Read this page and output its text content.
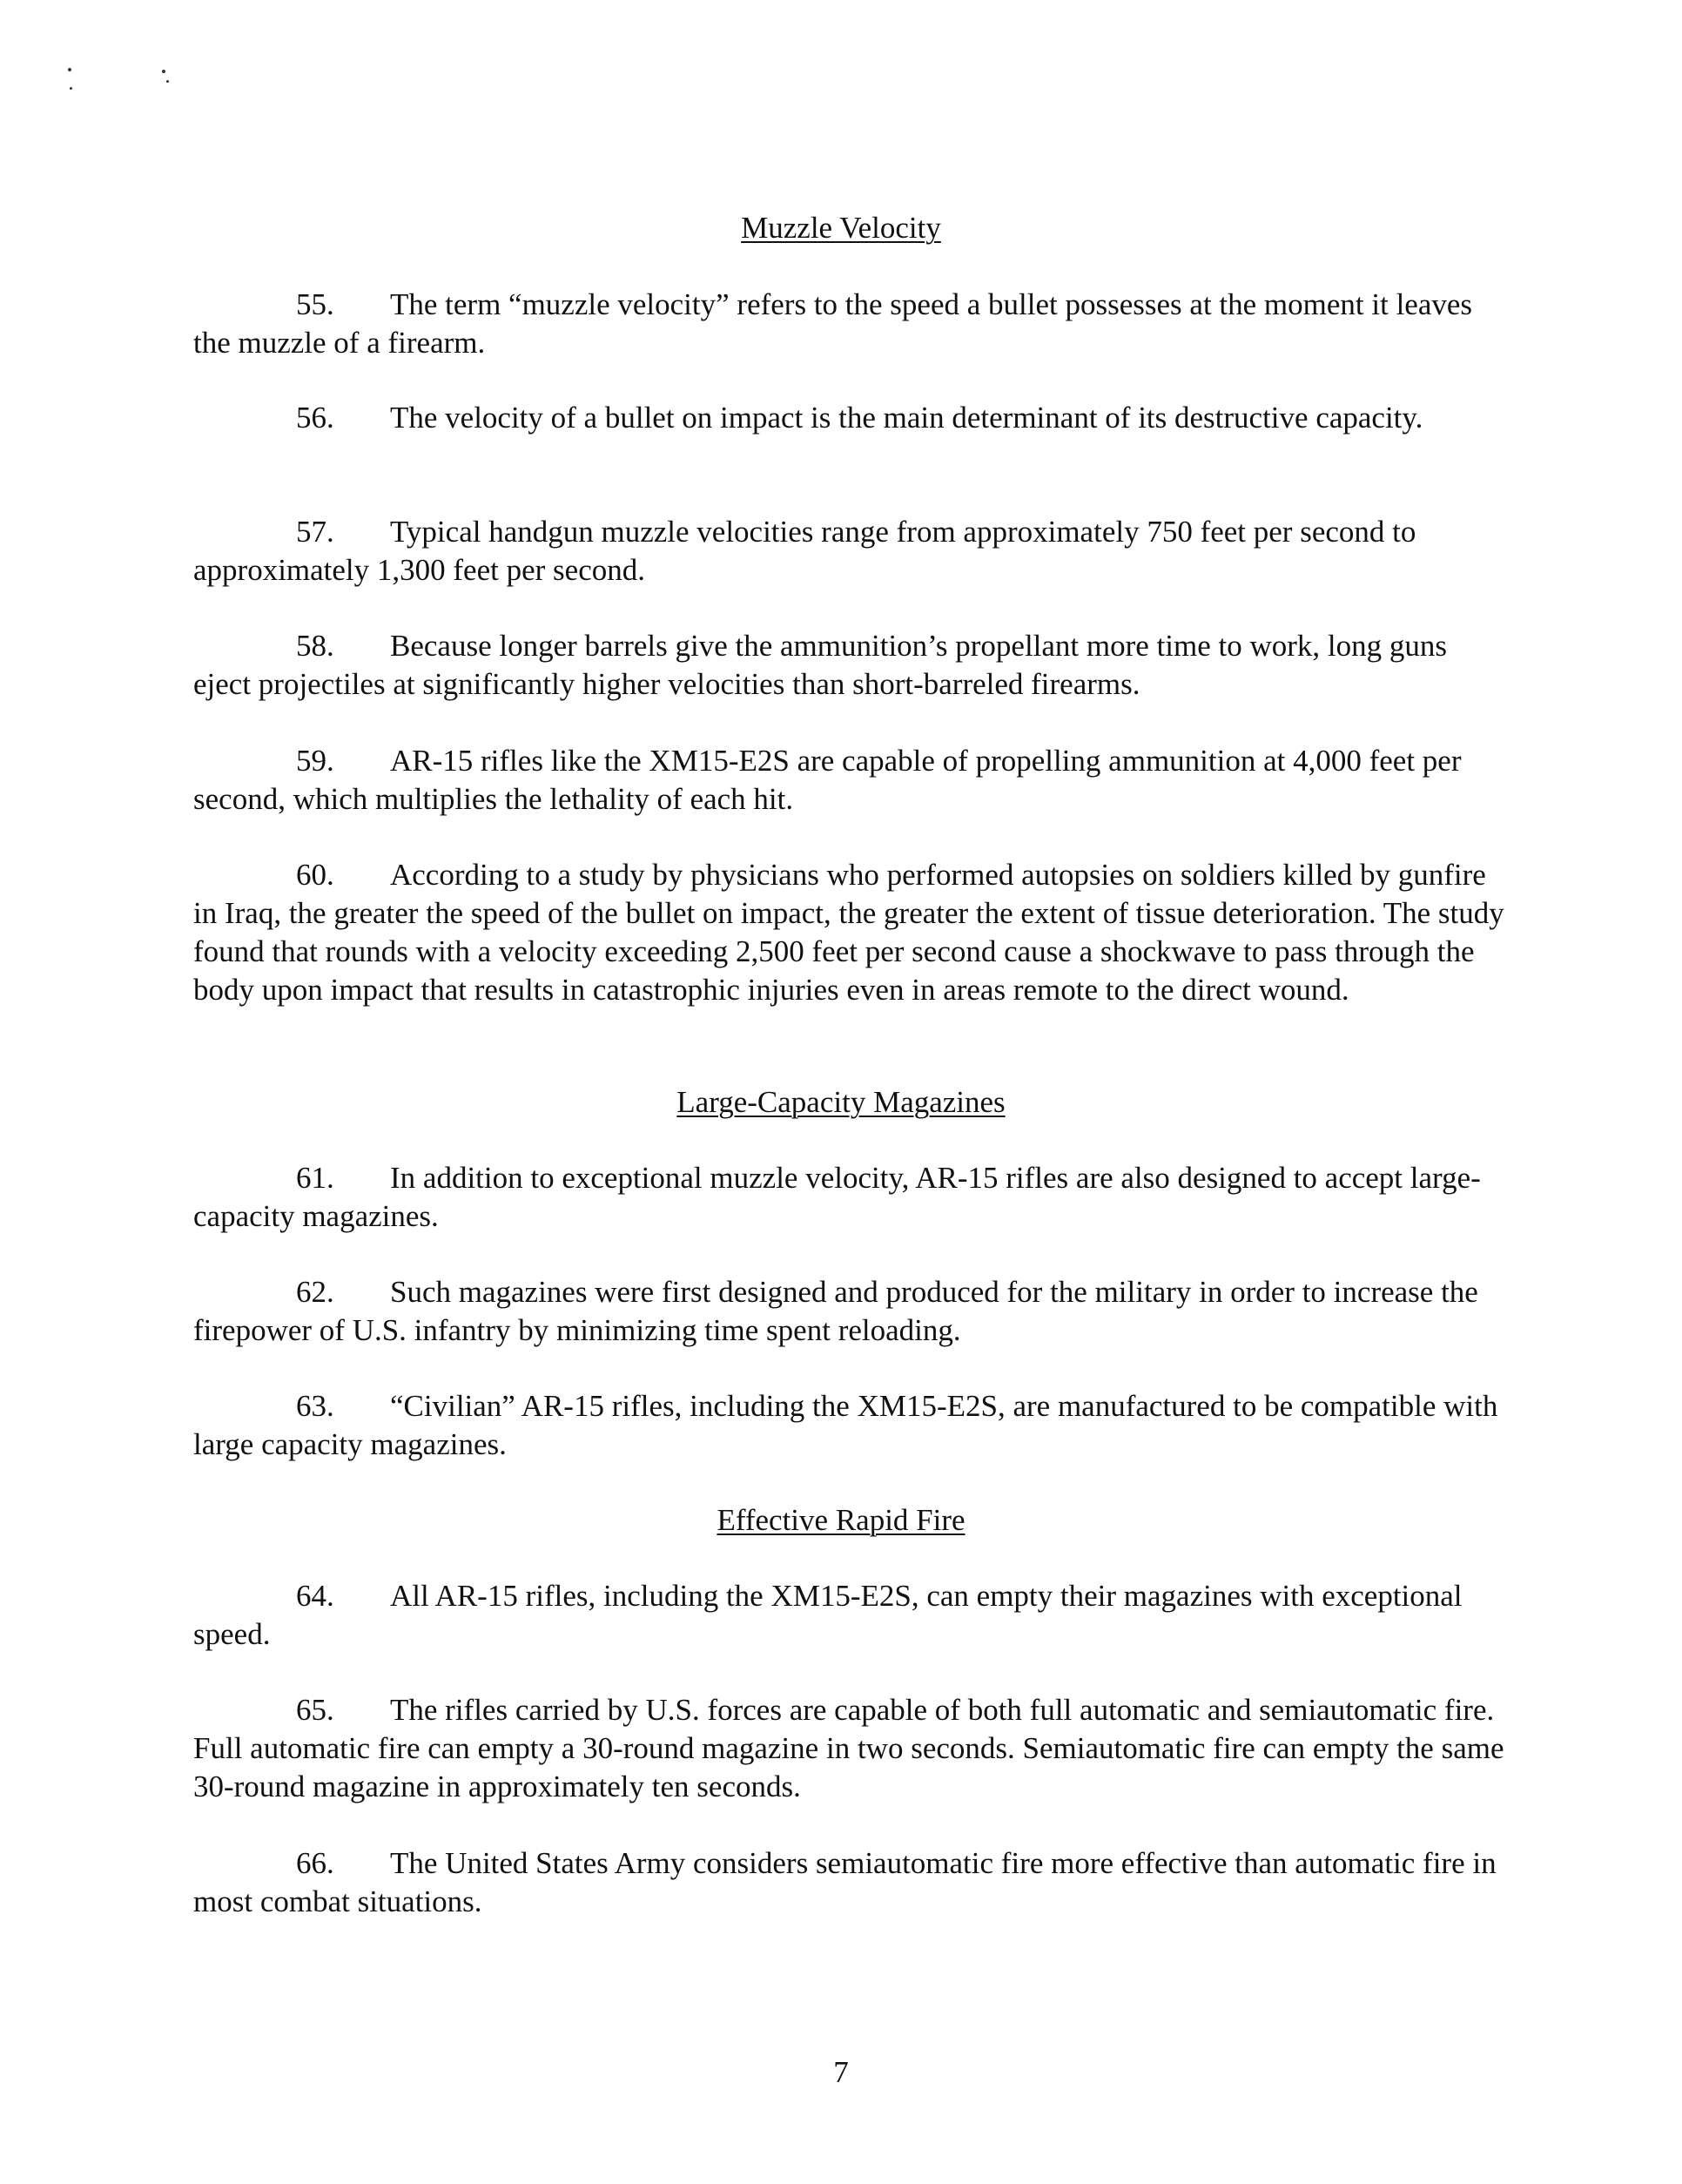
Muzzle Velocity

55. The term “muzzle velocity” refers to the speed a bullet possesses at the moment it leaves the muzzle of a firearm.

56. The velocity of a bullet on impact is the main determinant of its destructive capacity.

57. Typical handgun muzzle velocities range from approximately 750 feet per second to approximately 1,300 feet per second.

58. Because longer barrels give the ammunition’s propellant more time to work, long guns eject projectiles at significantly higher velocities than short-barreled firearms.

59. AR-15 rifles like the XM15-E2S are capable of propelling ammunition at 4,000 feet per second, which multiplies the lethality of each hit.

60. According to a study by physicians who performed autopsies on soldiers killed by gunfire in Iraq, the greater the speed of the bullet on impact, the greater the extent of tissue deterioration. The study found that rounds with a velocity exceeding 2,500 feet per second cause a shockwave to pass through the body upon impact that results in catastrophic injuries even in areas remote to the direct wound.

Large-Capacity Magazines

61. In addition to exceptional muzzle velocity, AR-15 rifles are also designed to accept large-capacity magazines.

62. Such magazines were first designed and produced for the military in order to increase the firepower of U.S. infantry by minimizing time spent reloading.

63. “Civilian” AR-15 rifles, including the XM15-E2S, are manufactured to be compatible with large capacity magazines.

Effective Rapid Fire

64. All AR-15 rifles, including the XM15-E2S, can empty their magazines with exceptional speed.

65. The rifles carried by U.S. forces are capable of both full automatic and semiautomatic fire. Full automatic fire can empty a 30-round magazine in two seconds. Semiautomatic fire can empty the same 30-round magazine in approximately ten seconds.

66. The United States Army considers semiautomatic fire more effective than automatic fire in most combat situations.

7
